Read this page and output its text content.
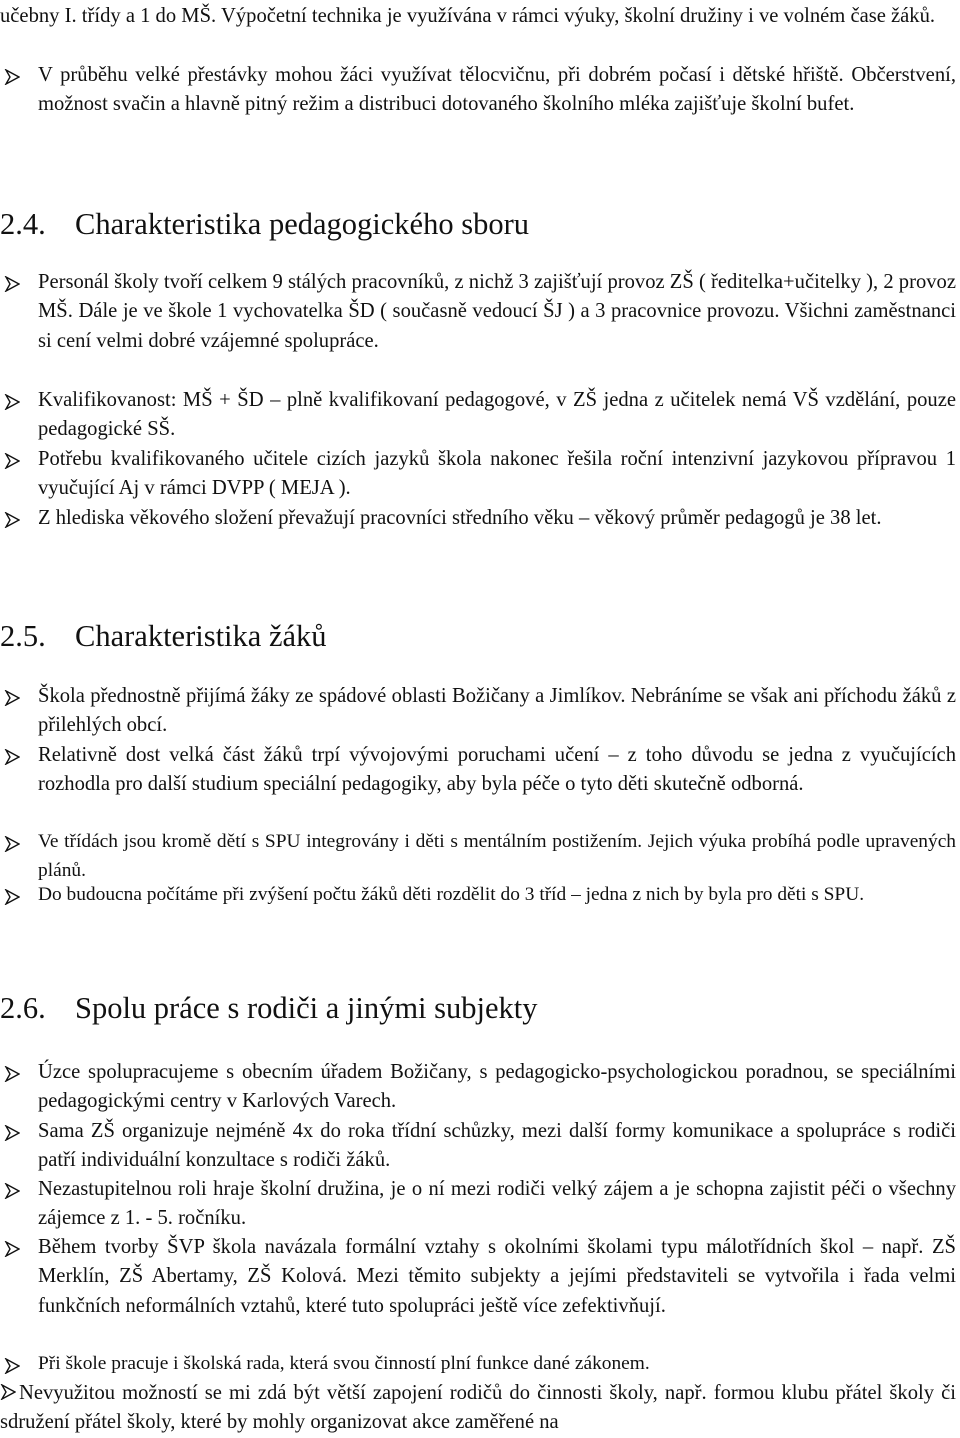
učebny I. třídy a 1 do MŠ. Výpočetní technika je využívána v rámci výuky, školní družiny i ve volném čase žáků.

V průběhu velké přestávky mohou žáci využívat tělocvičnu, při dobrém počasí i dětské hřiště. Občerstvení, možnost svačin a hlavně pitný režim a distribuci dotovaného školního mléka zajišťuje školní bufet.
2.4. Charakteristika pedagogického sboru
Personál školy tvoří celkem 9 stálých pracovníků, z nichž 3 zajišťují provoz ZŠ ( ředitelka+učitelky ), 2 provoz MŠ. Dále je ve škole 1 vychovatelka ŠD ( současně vedoucí ŠJ ) a 3 pracovnice provozu. Všichni zaměstnanci si cení velmi dobré vzájemné spolupráce.
Kvalifikovanost: MŠ + ŠD – plně kvalifikovaní pedagogové, v ZŠ jedna z učitelek nemá VŠ vzdělání, pouze pedagogické SŠ.
Potřebu kvalifikovaného učitele cizích jazyků škola nakonec řešila roční intenzivní jazykovou přípravou 1 vyučující Aj v rámci DVPP ( MEJA ).
Z hlediska věkového složení převažují pracovníci středního věku – věkový průměr pedagogů je 38 let.
2.5. Charakteristika žáků
Škola přednostně přijímá žáky ze spádové oblasti Božičany a Jimlíkov. Nebráníme se však ani příchodu žáků z přilehlých obcí.
Relativně dost velká část žáků trpí vývojovými poruchami učení – z toho důvodu se jedna z vyučujících rozhodla pro další studium speciální pedagogiky, aby byla péče o tyto děti skutečně odborná.
Ve třídách jsou kromě dětí s SPU integrovány i děti s mentálním postižením. Jejich výuka probíhá podle upravených plánů.
Do budoucna počítáme při zvýšení počtu žáků děti rozdělit do 3 tříd – jedna z nich by byla pro děti s SPU.
2.6. Spolu práce s rodiči a jinými subjekty
Úzce spolupracujeme s obecním úřadem Božičany, s pedagogicko-psychologickou poradnou, se speciálními pedagogickými centry v Karlových Varech.
Sama ZŠ organizuje nejméně 4x do roka třídní schůzky, mezi další formy komunikace a spolupráce s rodiči patří individuální konzultace s rodiči žáků.
Nezastupitelnou roli hraje školní družina, je o ní mezi rodiči velký zájem a je schopna zajistit péči o všechny zájemce z 1. - 5. ročníku.
Během tvorby ŠVP škola navázala formální vztahy s okolními školami typu málotřídních škol – např. ZŠ Merklín, ZŠ Abertamy, ZŠ Kolová. Mezi těmito subjekty a jejími představiteli se vytvořila i řada velmi funkčních neformálních vztahů, které tuto spolupráci ještě více zefektivňují.
Při škole pracuje i školská rada, která svou činností plní funkce dané zákonem.
Nevyužitou možností se mi zdá být větší zapojení rodičů do činnosti školy, např. formou klubu přátel školy či sdružení přátel školy, které by mohly organizovat akce zaměřené na
